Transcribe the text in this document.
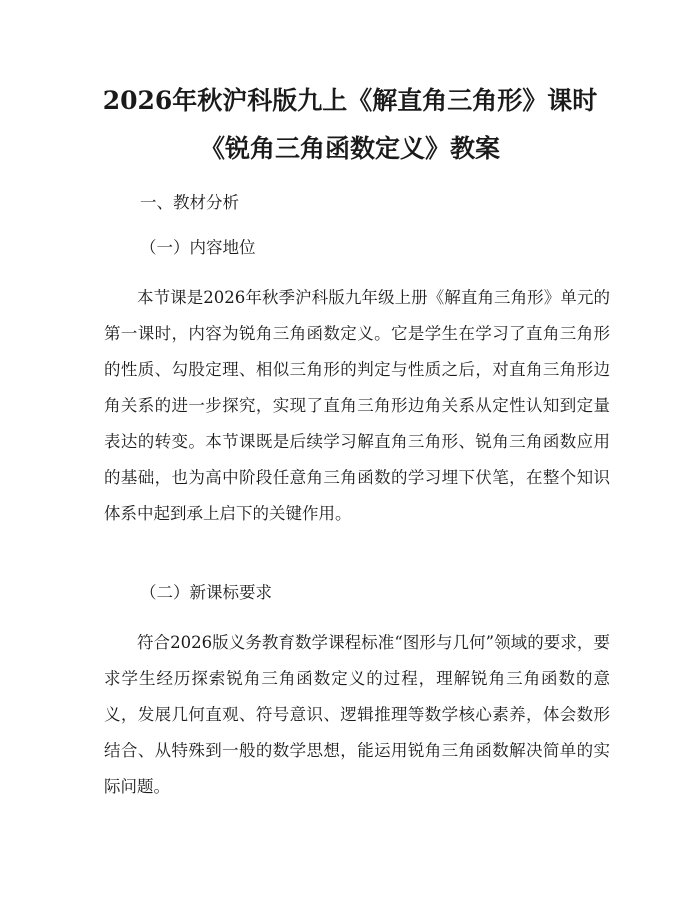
2026年秋沪科版九上《解直角三角形》课时
《锐角三角函数定义》教案

一、教材分析

（一）内容地位

本节课是2026年秋季沪科版九年级上册《解直角三角形》单元的第一课时，内容为锐角三角函数定义。它是学生在学习了直角三角形的性质、勾股定理、相似三角形的判定与性质之后，对直角三角形边角关系的进一步探究，实现了直角三角形边角关系从定性认知到定量表达的转变。本节课既是后续学习解直角三角形、锐角三角函数应用的基础，也为高中阶段任意角三角函数的学习埋下伏笔，在整个知识体系中起到承上启下的关键作用。

（二）新课标要求

符合2026版义务教育数学课程标准“图形与几何”领域的要求，要求学生经历探索锐角三角函数定义的过程，理解锐角三角函数的意义，发展几何直观、符号意识、逻辑推理等数学核心素养，体会数形结合、从特殊到一般的数学思想，能运用锐角三角函数解决简单的实际问题。
